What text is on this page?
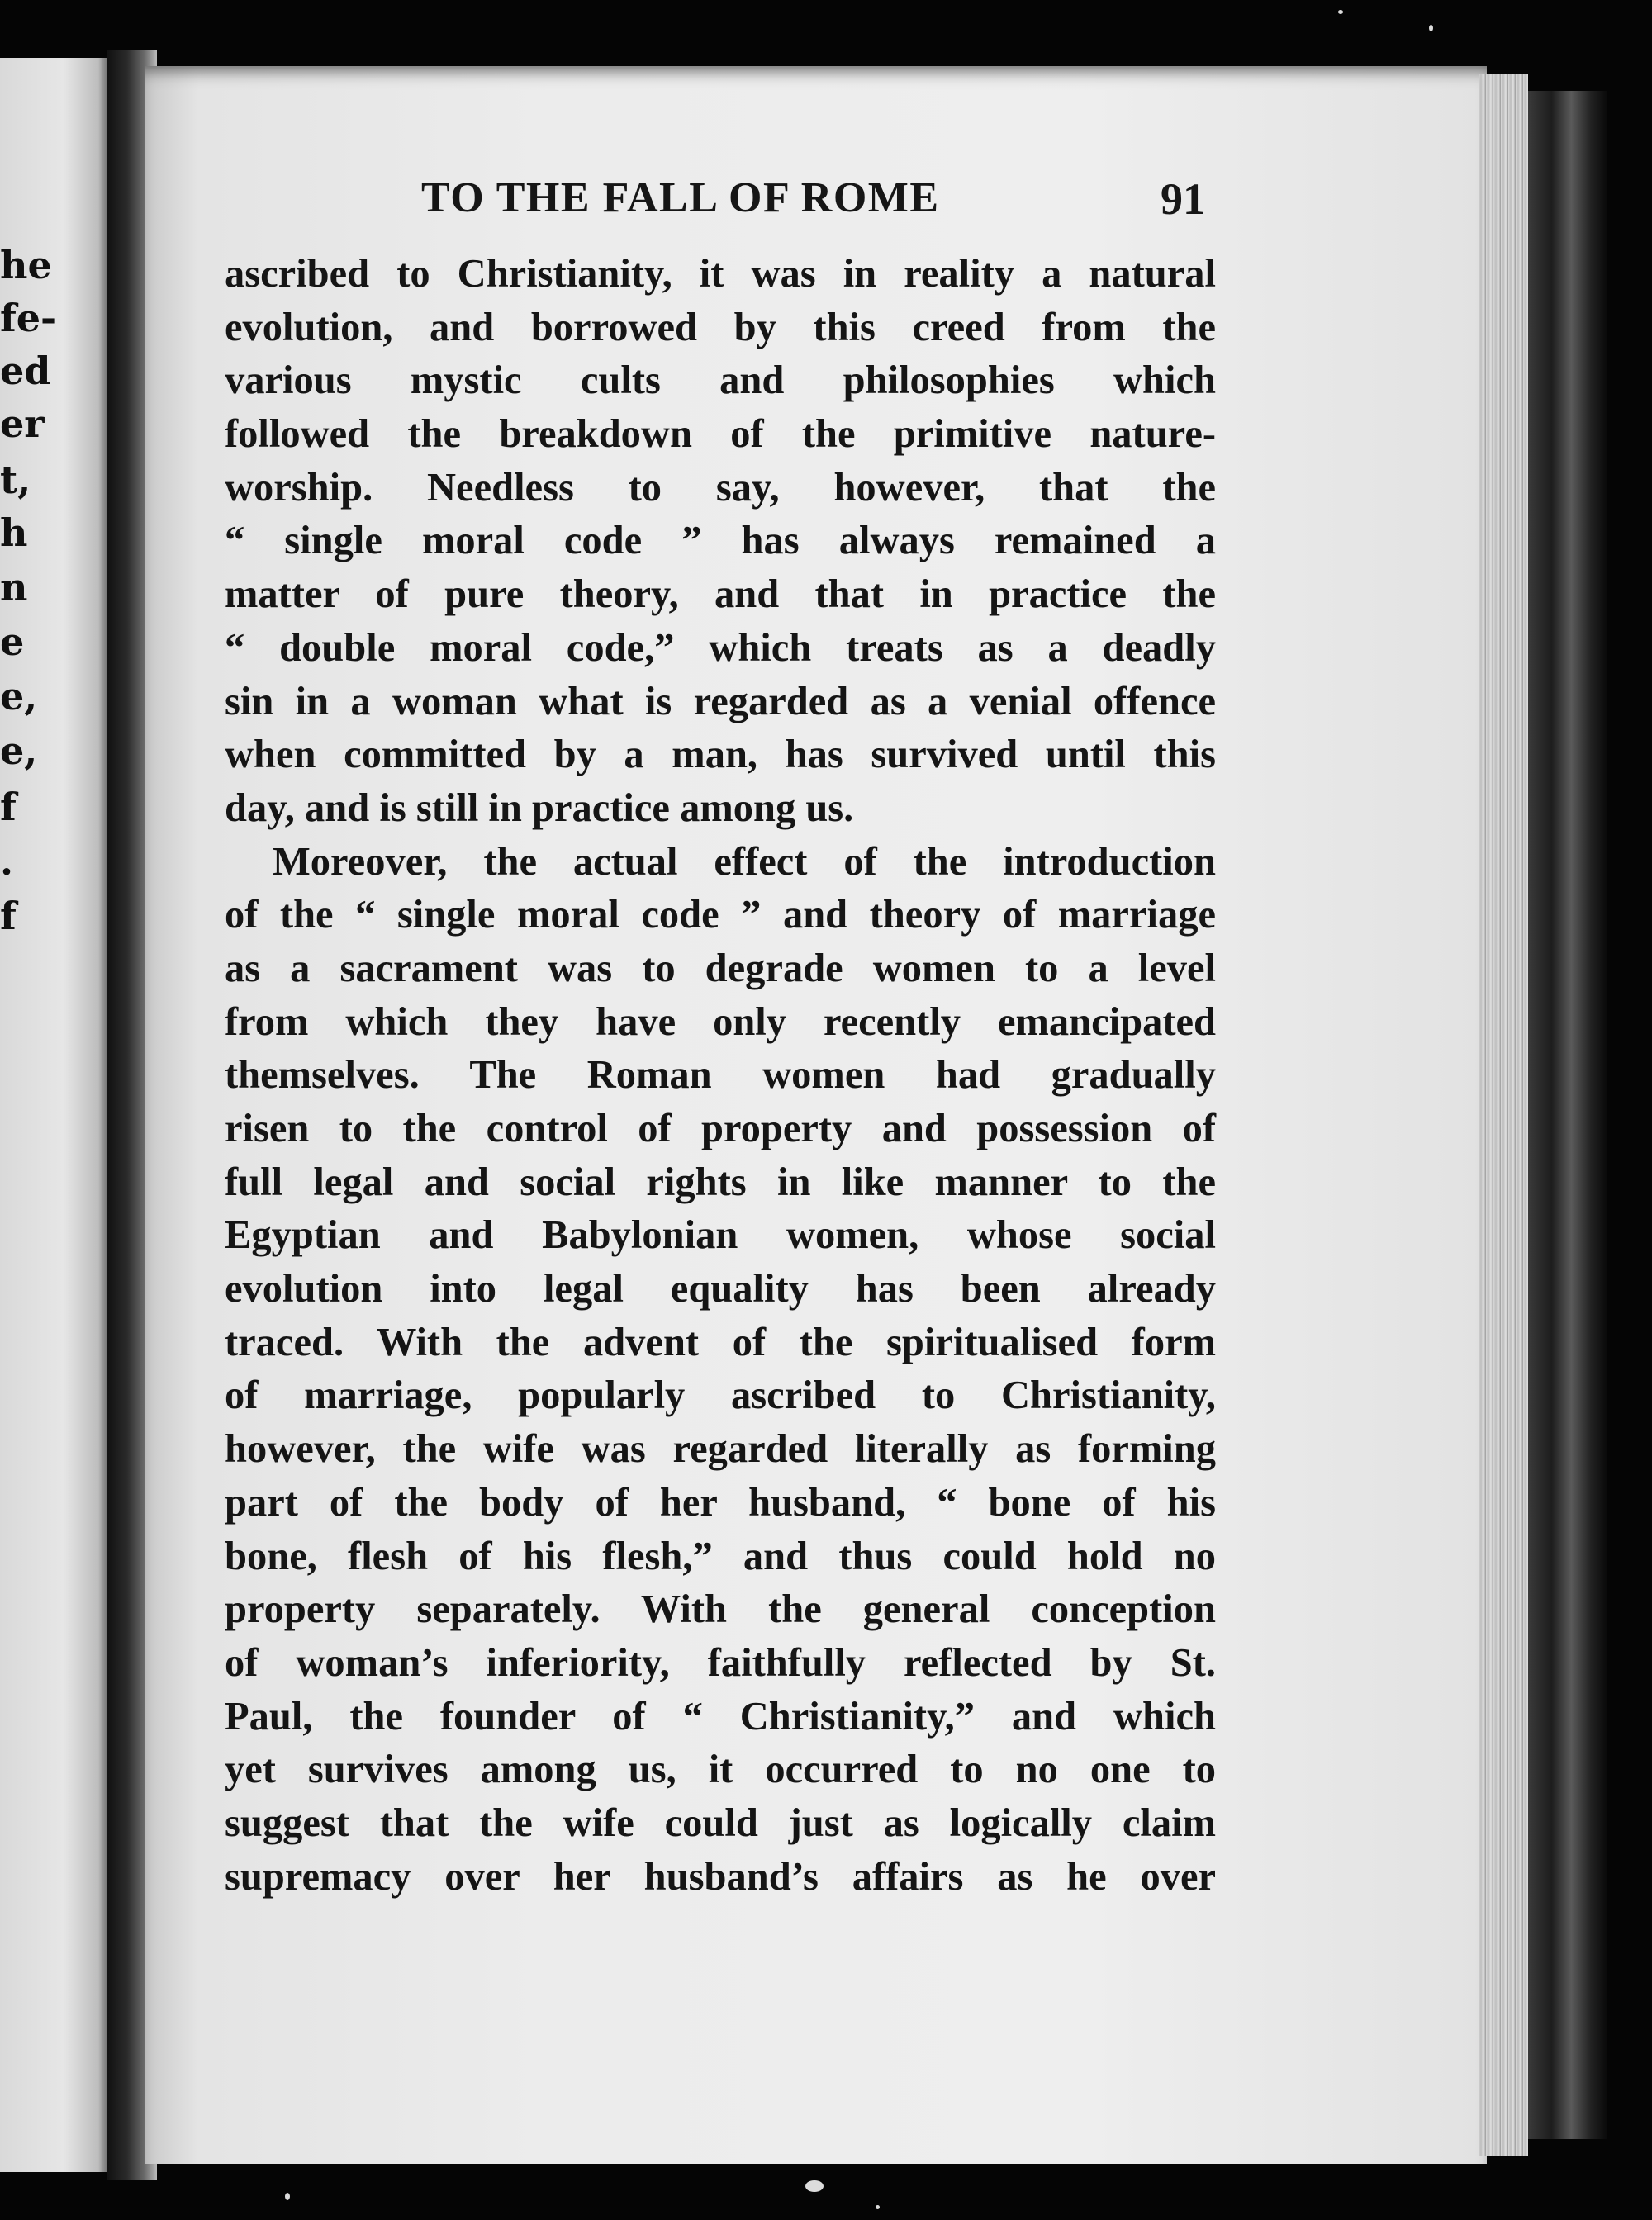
he
fe-
ed
er
t,
h
n
e
e,
e,
f
.
f
TO THE FALL OF ROME	91
ascribed to Christianity, it was in reality a natural
evolution, and borrowed by this creed from the
various mystic cults and philosophies which
followed the breakdown of the primitive nature-
worship. Needless to say, however, that the
“ single moral code ” has always remained a
matter of pure theory, and that in practice the
“ double moral code,” which treats as a deadly
sin in a woman what is regarded as a venial offence
when committed by a man, has survived until this
day, and is still in practice among us.
Moreover, the actual effect of the introduction
of the “ single moral code ” and theory of marriage
as a sacrament was to degrade women to a level
from which they have only recently emancipated
themselves. The Roman women had gradually
risen to the control of property and possession of
full legal and social rights in like manner to the
Egyptian and Babylonian women, whose social
evolution into legal equality has been already
traced. With the advent of the spiritualised form
of marriage, popularly ascribed to Christianity,
however, the wife was regarded literally as forming
part of the body of her husband, “ bone of his
bone, flesh of his flesh,” and thus could hold no
property separately. With the general conception
of woman’s inferiority, faithfully reflected by St.
Paul, the founder of “ Christianity,” and which
yet survives among us, it occurred to no one to
suggest that the wife could just as logically claim
supremacy over her husband’s affairs as he over
